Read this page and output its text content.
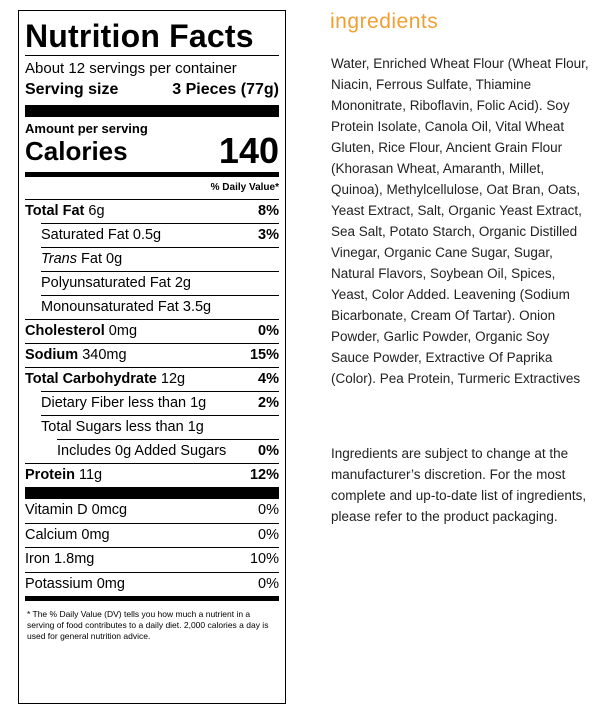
Nutrition Facts
About 12 servings per container
Serving size	3 Pieces (77g)
Amount per serving
Calories	140
% Daily Value*
Total Fat 6g	8%
Saturated Fat 0.5g	3%
Trans Fat 0g
Polyunsaturated Fat 2g
Monounsaturated Fat 3.5g
Cholesterol 0mg	0%
Sodium 340mg	15%
Total Carbohydrate 12g	4%
Dietary Fiber less than 1g	2%
Total Sugars less than 1g
Includes 0g Added Sugars 0%
Protein 11g	12%
Vitamin D 0mcg	0%
Calcium 0mg	0%
Iron 1.8mg	10%
Potassium 0mg	0%
* The % Daily Value (DV) tells you how much a nutrient in a serving of food contributes to a daily diet. 2,000 calories a day is used for general nutrition advice.
ingredients
Water, Enriched Wheat Flour (Wheat Flour, Niacin, Ferrous Sulfate, Thiamine Mononitrate, Riboflavin, Folic Acid). Soy Protein Isolate, Canola Oil, Vital Wheat Gluten, Rice Flour, Ancient Grain Flour (Khorasan Wheat, Amaranth, Millet, Quinoa), Methylcellulose, Oat Bran, Oats, Yeast Extract, Salt, Organic Yeast Extract, Sea Salt, Potato Starch, Organic Distilled Vinegar, Organic Cane Sugar, Sugar, Natural Flavors, Soybean Oil, Spices, Yeast, Color Added. Leavening (Sodium Bicarbonate, Cream Of Tartar). Onion Powder, Garlic Powder, Organic Soy Sauce Powder, Extractive Of Paprika (Color). Pea Protein, Turmeric Extractives
Ingredients are subject to change at the manufacturer’s discretion. For the most complete and up-to-date list of ingredients, please refer to the product packaging.
